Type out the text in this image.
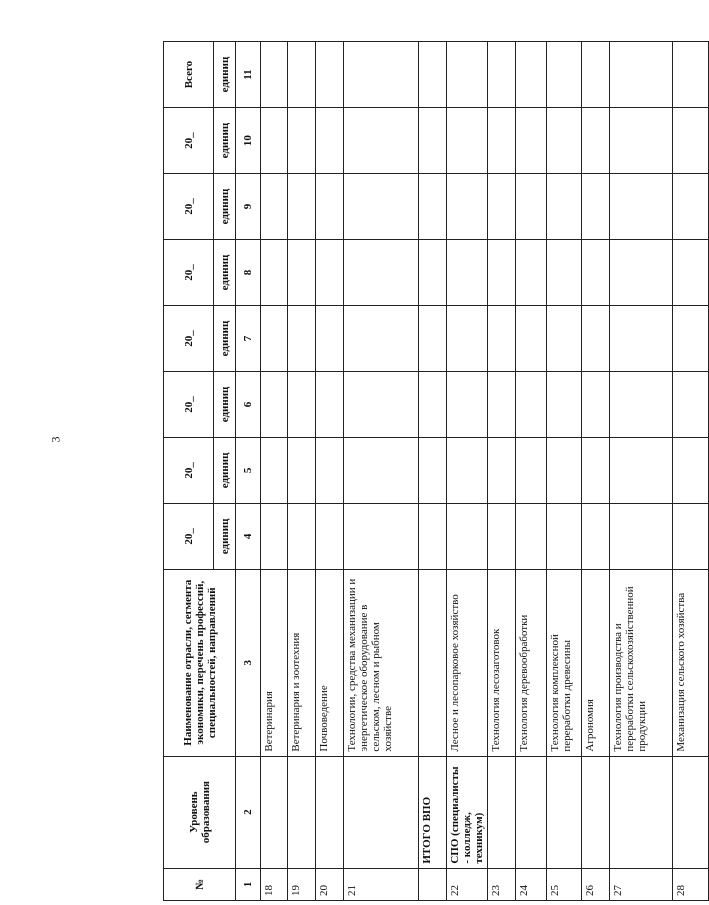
3
№	Уровень образования	Наименование отрасли, сегмента экономики, перечень профессий, специальностей, направлений	20_	20_	20_	20_	20_	20_	20_	Всего
			единиц	единиц	единиц	единиц	единиц	единиц	единиц	единиц
1	2	3	4	5	6	7	8	9	10	11
18		Ветеринария								
19		Ветеринария и зоотехния								
20		Почвоведение								
21		Технологии, средства механизации и энергетическое оборудование в сельском, лесном и рыбном хозяйстве								
	ИТОГО ВПО									
22	СПО (специалисты - колледж, техникум)	Лесное и лесопарковое хозяйство								
23		Технология лесозаготовок								
24		Технология деревообработки								
25		Технология комплексной переработки древесины								
26		Агрономия								
27		Технология производства и переработки сельскохозяйственной продукции								
28		Механизация сельского хозяйства								
